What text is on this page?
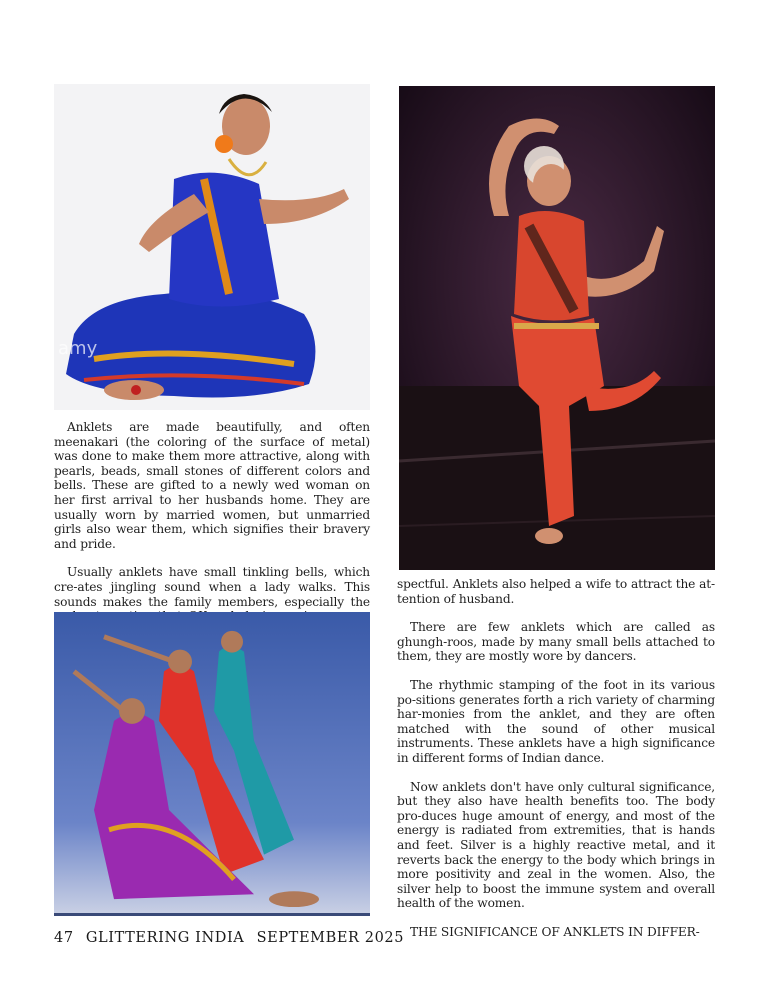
amy

Anklets are made beautifully, and often meenakari (the coloring of the surface of metal) was done to make them more attractive, along with pearls, beads, small stones of different colors and bells. These are gifted to a newly wed woman on her first arrival to her husbands home. They are usually worn by married women, but unmarried girls also wear them, which signifies their bravery and pride.

Usually anklets have small tinkling bells, which cre-ates jingling sound when a lady walks. This sounds makes the family members, especially the

spectful. Anklets also helped a wife to attract the at-tention of husband.

There are few anklets which are called as ghungh-roos, made by many small bells attached to them, they are mostly wore by dancers.

The rhythmic stamping of the foot in its various po-sitions generates forth a rich variety of charming har-monies from the anklet, and they are often matched with the sound of other musical instruments. These anklets have a high significance in different forms of Indian dance.

Now anklets don't have only cultural significance, but they also have health benefits too. The body pro-duces huge amount of energy, and most of the energy is radiated from extremities, that is hands and feet. Silver is a highly reactive metal, and it reverts back the energy to the body which brings in more positivity and zeal in the women. Also, the silver help to boost the immune system and overall health of the women.

THE SIGNIFICANCE OF ANKLETS IN DIFFER-

47 GLITTERING INDIA SEPTEMBER 2025
